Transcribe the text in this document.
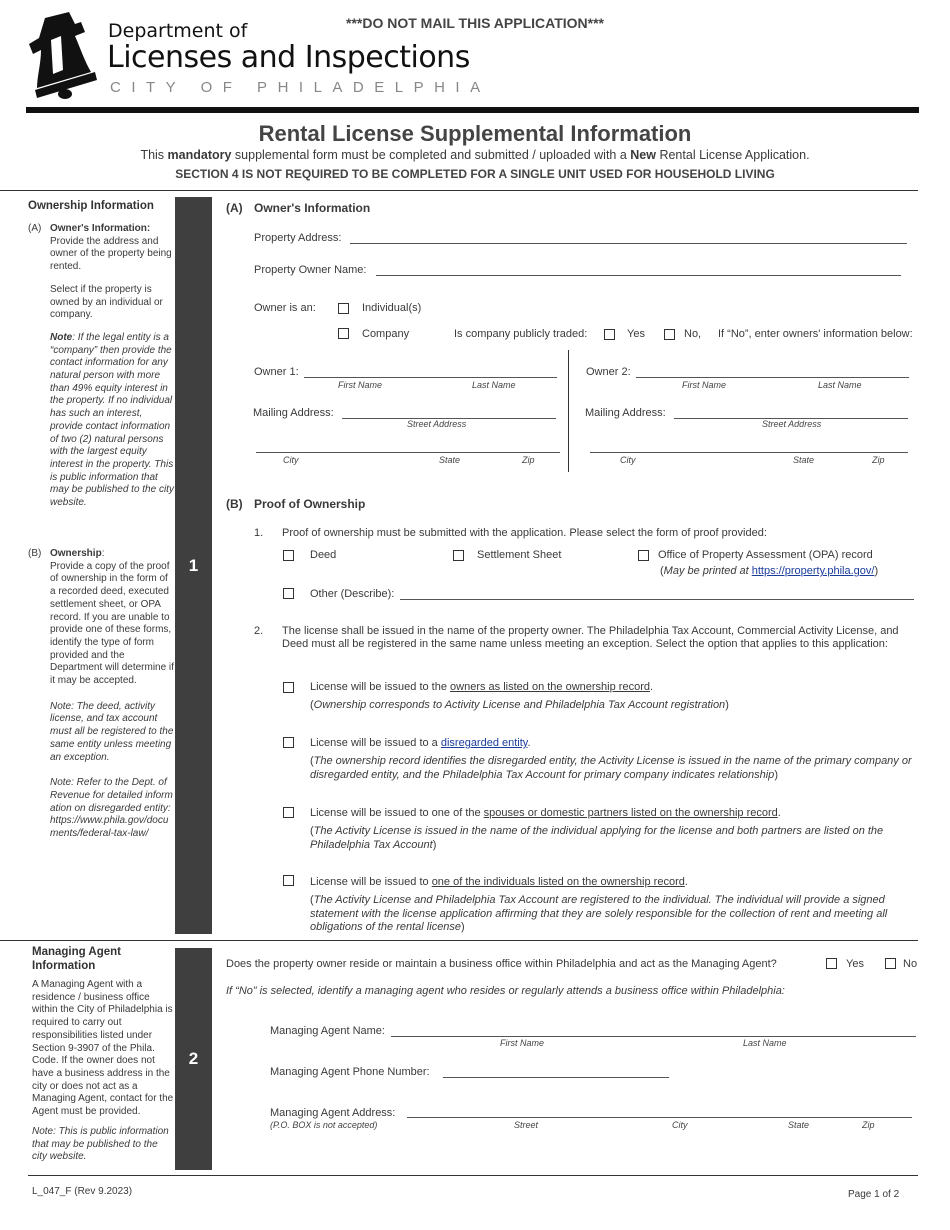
Department of
Licenses and Inspections
CITY OF PHILADELPHIA
***DO NOT MAIL THIS APPLICATION***
Rental License Supplemental Information
This mandatory supplemental form must be completed and submitted / uploaded with a New Rental License Application.
SECTION 4 IS NOT REQUIRED TO BE COMPLETED FOR A SINGLE UNIT USED FOR HOUSEHOLD LIVING
1
Ownership Information
(A) Owner's Information:
Provide the address and owner of the property being rented.
Select if the property is owned by an individual or company.
Note: If the legal entity is a “company” then provide the contact information for any natural person with more than 49% equity interest in the property. If no individual has such an interest, provide contact information of two (2) natural persons with the largest equity interest in the property. This is public information that may be published to the city website.
(B) Ownership:
Provide a copy of the proof of ownership in the form of a recorded deed, executed settlement sheet, or OPA record. If you are unable to provide one of these forms, identify the type of form provided and the Department will determine if it may be accepted.
Note: The deed, activity license, and tax account must all be registered to the same entity unless meeting an exception.
Note: Refer to the Dept. of Revenue for detailed information on disregarded entity: https://www.phila.gov/documents/federal-tax-law/
(A) Owner's Information
Property Address:
Property Owner Name:
Owner is an:	Individual(s)
Company	Is company publicly traded:	Yes	No, If “No”, enter owners' information below:
Owner 1:
First Name	Last Name
Mailing Address:
Street Address
City	State	Zip
Owner 2:
First Name	Last Name
Mailing Address:
Street Address
City	State	Zip
(B) Proof of Ownership
1. Proof of ownership must be submitted with the application. Please select the form of proof provided:
Deed	Settlement Sheet	Office of Property Assessment (OPA) record
(May be printed at https://property.phila.gov/)
Other (Describe):
2. The license shall be issued in the name of the property owner. The Philadelphia Tax Account, Commercial Activity License, and Deed must all be registered in the same name unless meeting an exception. Select the option that applies to this application:
License will be issued to the owners as listed on the ownership record.
(Ownership corresponds to Activity License and Philadelphia Tax Account registration)
License will be issued to a disregarded entity.
(The ownership record identifies the disregarded entity, the Activity License is issued in the name of the primary company or disregarded entity, and the Philadelphia Tax Account for primary company indicates relationship)
License will be issued to one of the spouses or domestic partners listed on the ownership record.
(The Activity License is issued in the name of the individual applying for the license and both partners are listed on the Philadelphia Tax Account)
License will be issued to one of the individuals listed on the ownership record.
(The Activity License and Philadelphia Tax Account are registered to the individual. The individual will provide a signed statement with the license application affirming that they are solely responsible for the collection of rent and meeting all obligations of the rental license)
2
Managing Agent Information
A Managing Agent with a residence / business office within the City of Philadelphia is required to carry out responsibilities listed under Section 9-3907 of the Phila. Code. If the owner does not have a business address in the city or does not act as a Managing Agent, contact for the Agent must be provided.
Note: This is public information that may be published to the city website.
Does the property owner reside or maintain a business office within Philadelphia and act as the Managing Agent?	Yes	No
If “No” is selected, identify a managing agent who resides or regularly attends a business office within Philadelphia:
Managing Agent Name:
First Name	Last Name
Managing Agent Phone Number:
Managing Agent Address:
(P.O. BOX is not accepted)	Street	City	State	Zip
L_047_F (Rev 9.2023)	Page 1 of 2
